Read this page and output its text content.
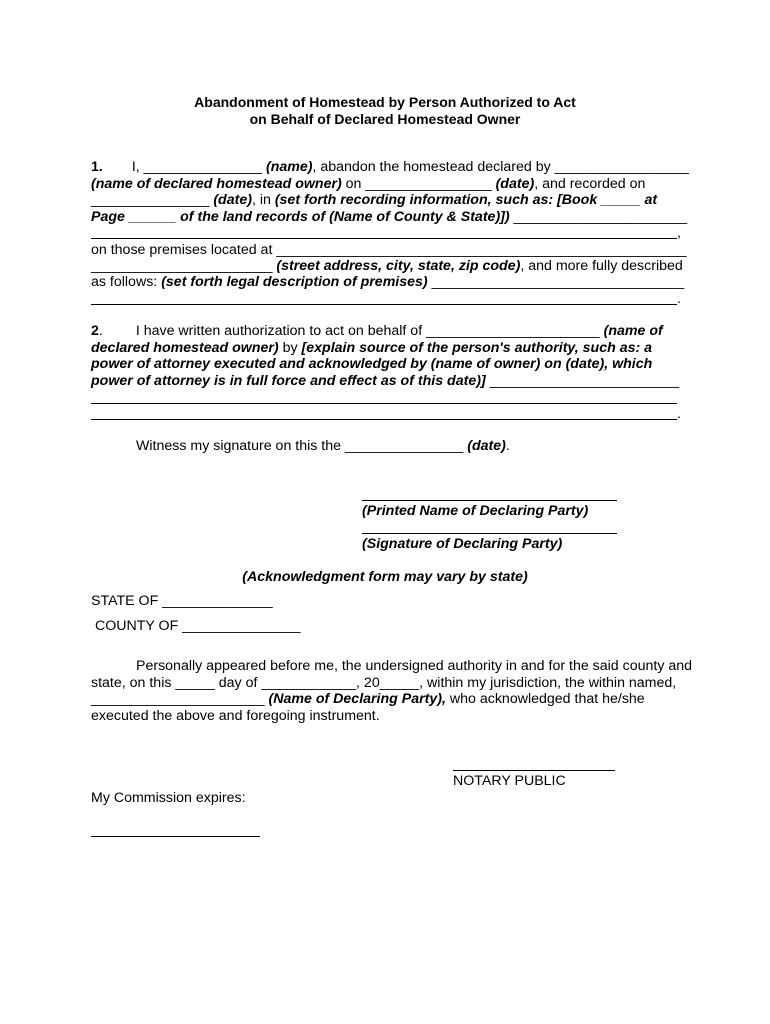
Abandonment of Homestead by Person Authorized to Act
on Behalf of Declared Homestead Owner
1. I, _______________ (name), abandon the homestead declared by _________________
(name of declared homestead owner) on ________________ (date), and recorded on
_______________ (date), in (set forth recording information, such as: [Book _____ at
Page ______ of the land records of (Name of County & State)]) ______________________
,
on those premises located at ____________________________________________________
_______________________ (street address, city, state, zip code), and more fully described
as follows: (set forth legal description of premises) ________________________________
.
2. I have written authorization to act on behalf of ______________________ (name of
declared homestead owner) by [explain source of the person's authority, such as: a
power of attorney executed and acknowledged by (name of owner) on (date), which
power of attorney is in full force and effect as of this date)] ________________________
.
Witness my signature on this the _______________ (date).
(Printed Name of Declaring Party)
(Signature of Declaring Party)
(Acknowledgment form may vary by state)
STATE OF ______________
COUNTY OF _______________
Personally appeared before me, the undersigned authority in and for the said county and
state, on this _____ day of ____________, 20_____, within my jurisdiction, the within named,
______________________ (Name of Declaring Party), who acknowledged that he/she
executed the above and foregoing instrument.
NOTARY PUBLIC
My Commission expires:
